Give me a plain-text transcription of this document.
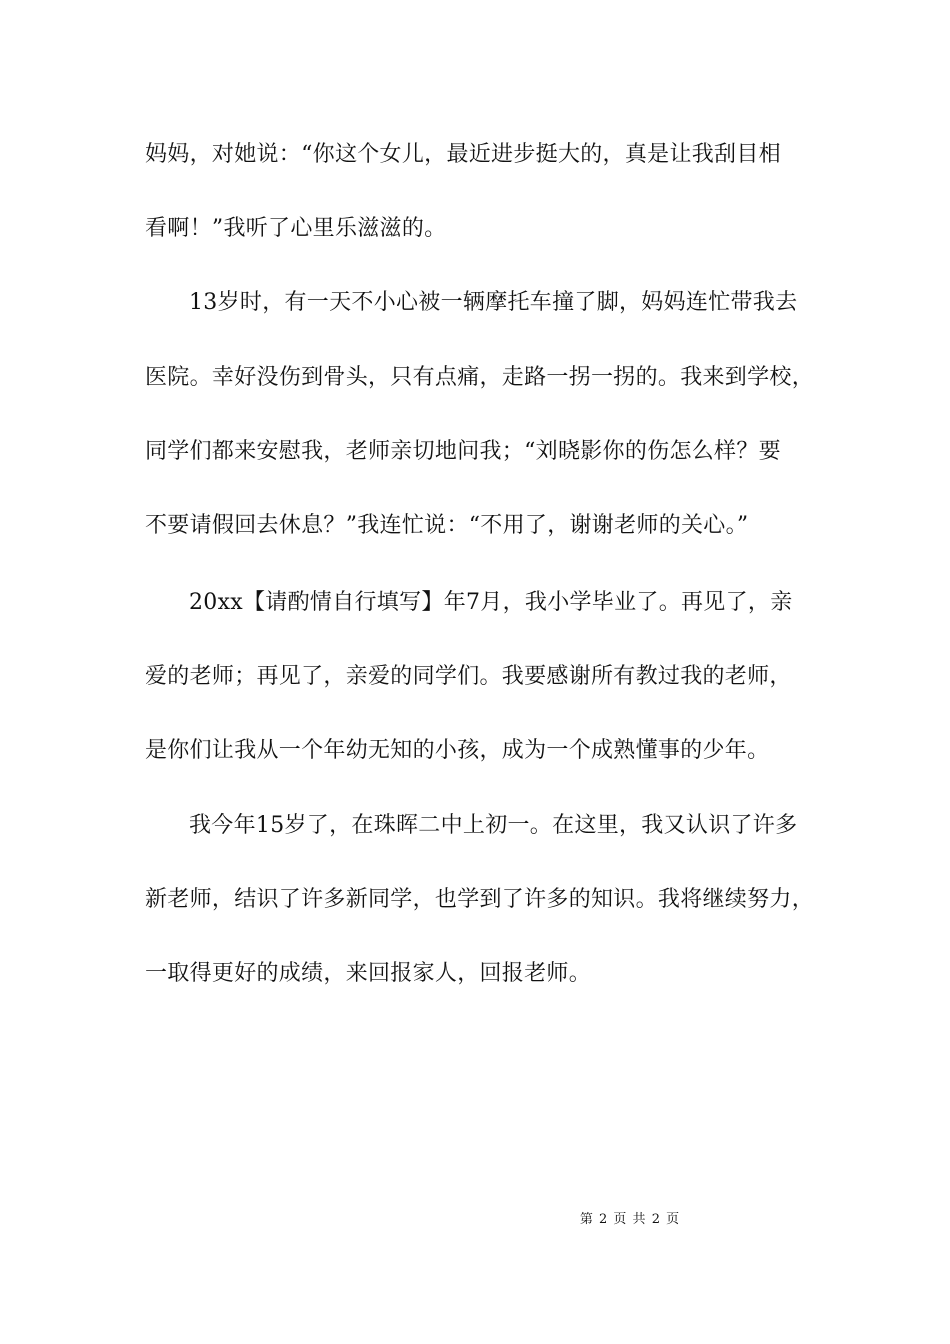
妈妈，对她说：“你这个女儿，最近进步挺大的，真是让我刮目相
看啊！”我听了心里乐滋滋的。
13岁时，有一天不小心被一辆摩托车撞了脚，妈妈连忙带我去
医院。幸好没伤到骨头，只有点痛，走路一拐一拐的。我来到学校，
同学们都来安慰我，老师亲切地问我；“刘晓影你的伤怎么样？要
不要请假回去休息？”我连忙说：“不用了，谢谢老师的关心。”
20xx【请酌情自行填写】年7月，我小学毕业了。再见了，亲
爱的老师；再见了，亲爱的同学们。我要感谢所有教过我的老师，
是你们让我从一个年幼无知的小孩，成为一个成熟懂事的少年。
我今年15岁了，在珠晖二中上初一。在这里，我又认识了许多
新老师，结识了许多新同学，也学到了许多的知识。我将继续努力，
一取得更好的成绩，来回报家人，回报老师。
第 2 页 共 2 页
